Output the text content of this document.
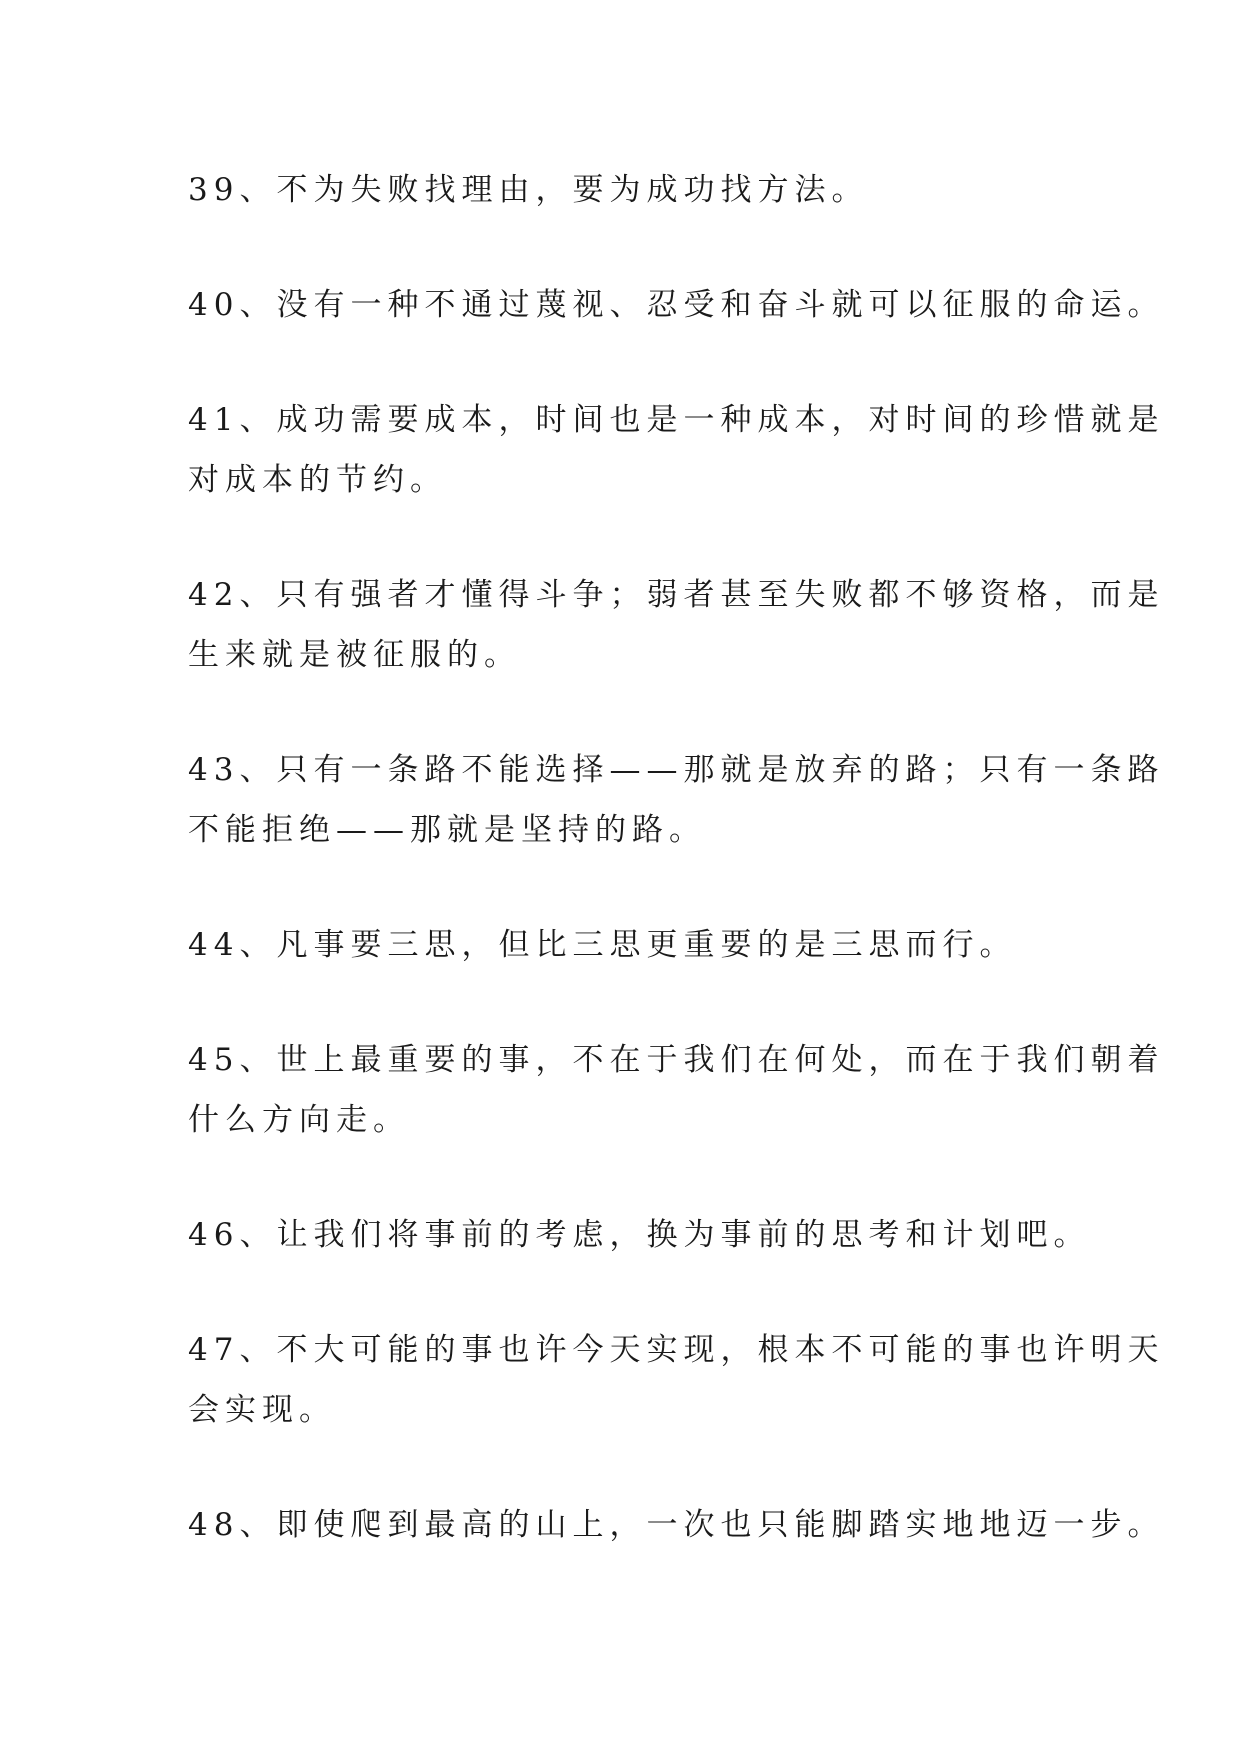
39、不为失败找理由，要为成功找方法。

40、没有一种不通过蔑视、忍受和奋斗就可以征服的命运。

41、成功需要成本，时间也是一种成本，对时间的珍惜就是
对成本的节约。

42、只有强者才懂得斗争；弱者甚至失败都不够资格，而是
生来就是被征服的。

43、只有一条路不能选择——那就是放弃的路；只有一条路
不能拒绝——那就是坚持的路。

44、凡事要三思，但比三思更重要的是三思而行。

45、世上最重要的事，不在于我们在何处，而在于我们朝着
什么方向走。

46、让我们将事前的考虑，换为事前的思考和计划吧。

47、不大可能的事也许今天实现，根本不可能的事也许明天
会实现。

48、即使爬到最高的山上，一次也只能脚踏实地地迈一步。
